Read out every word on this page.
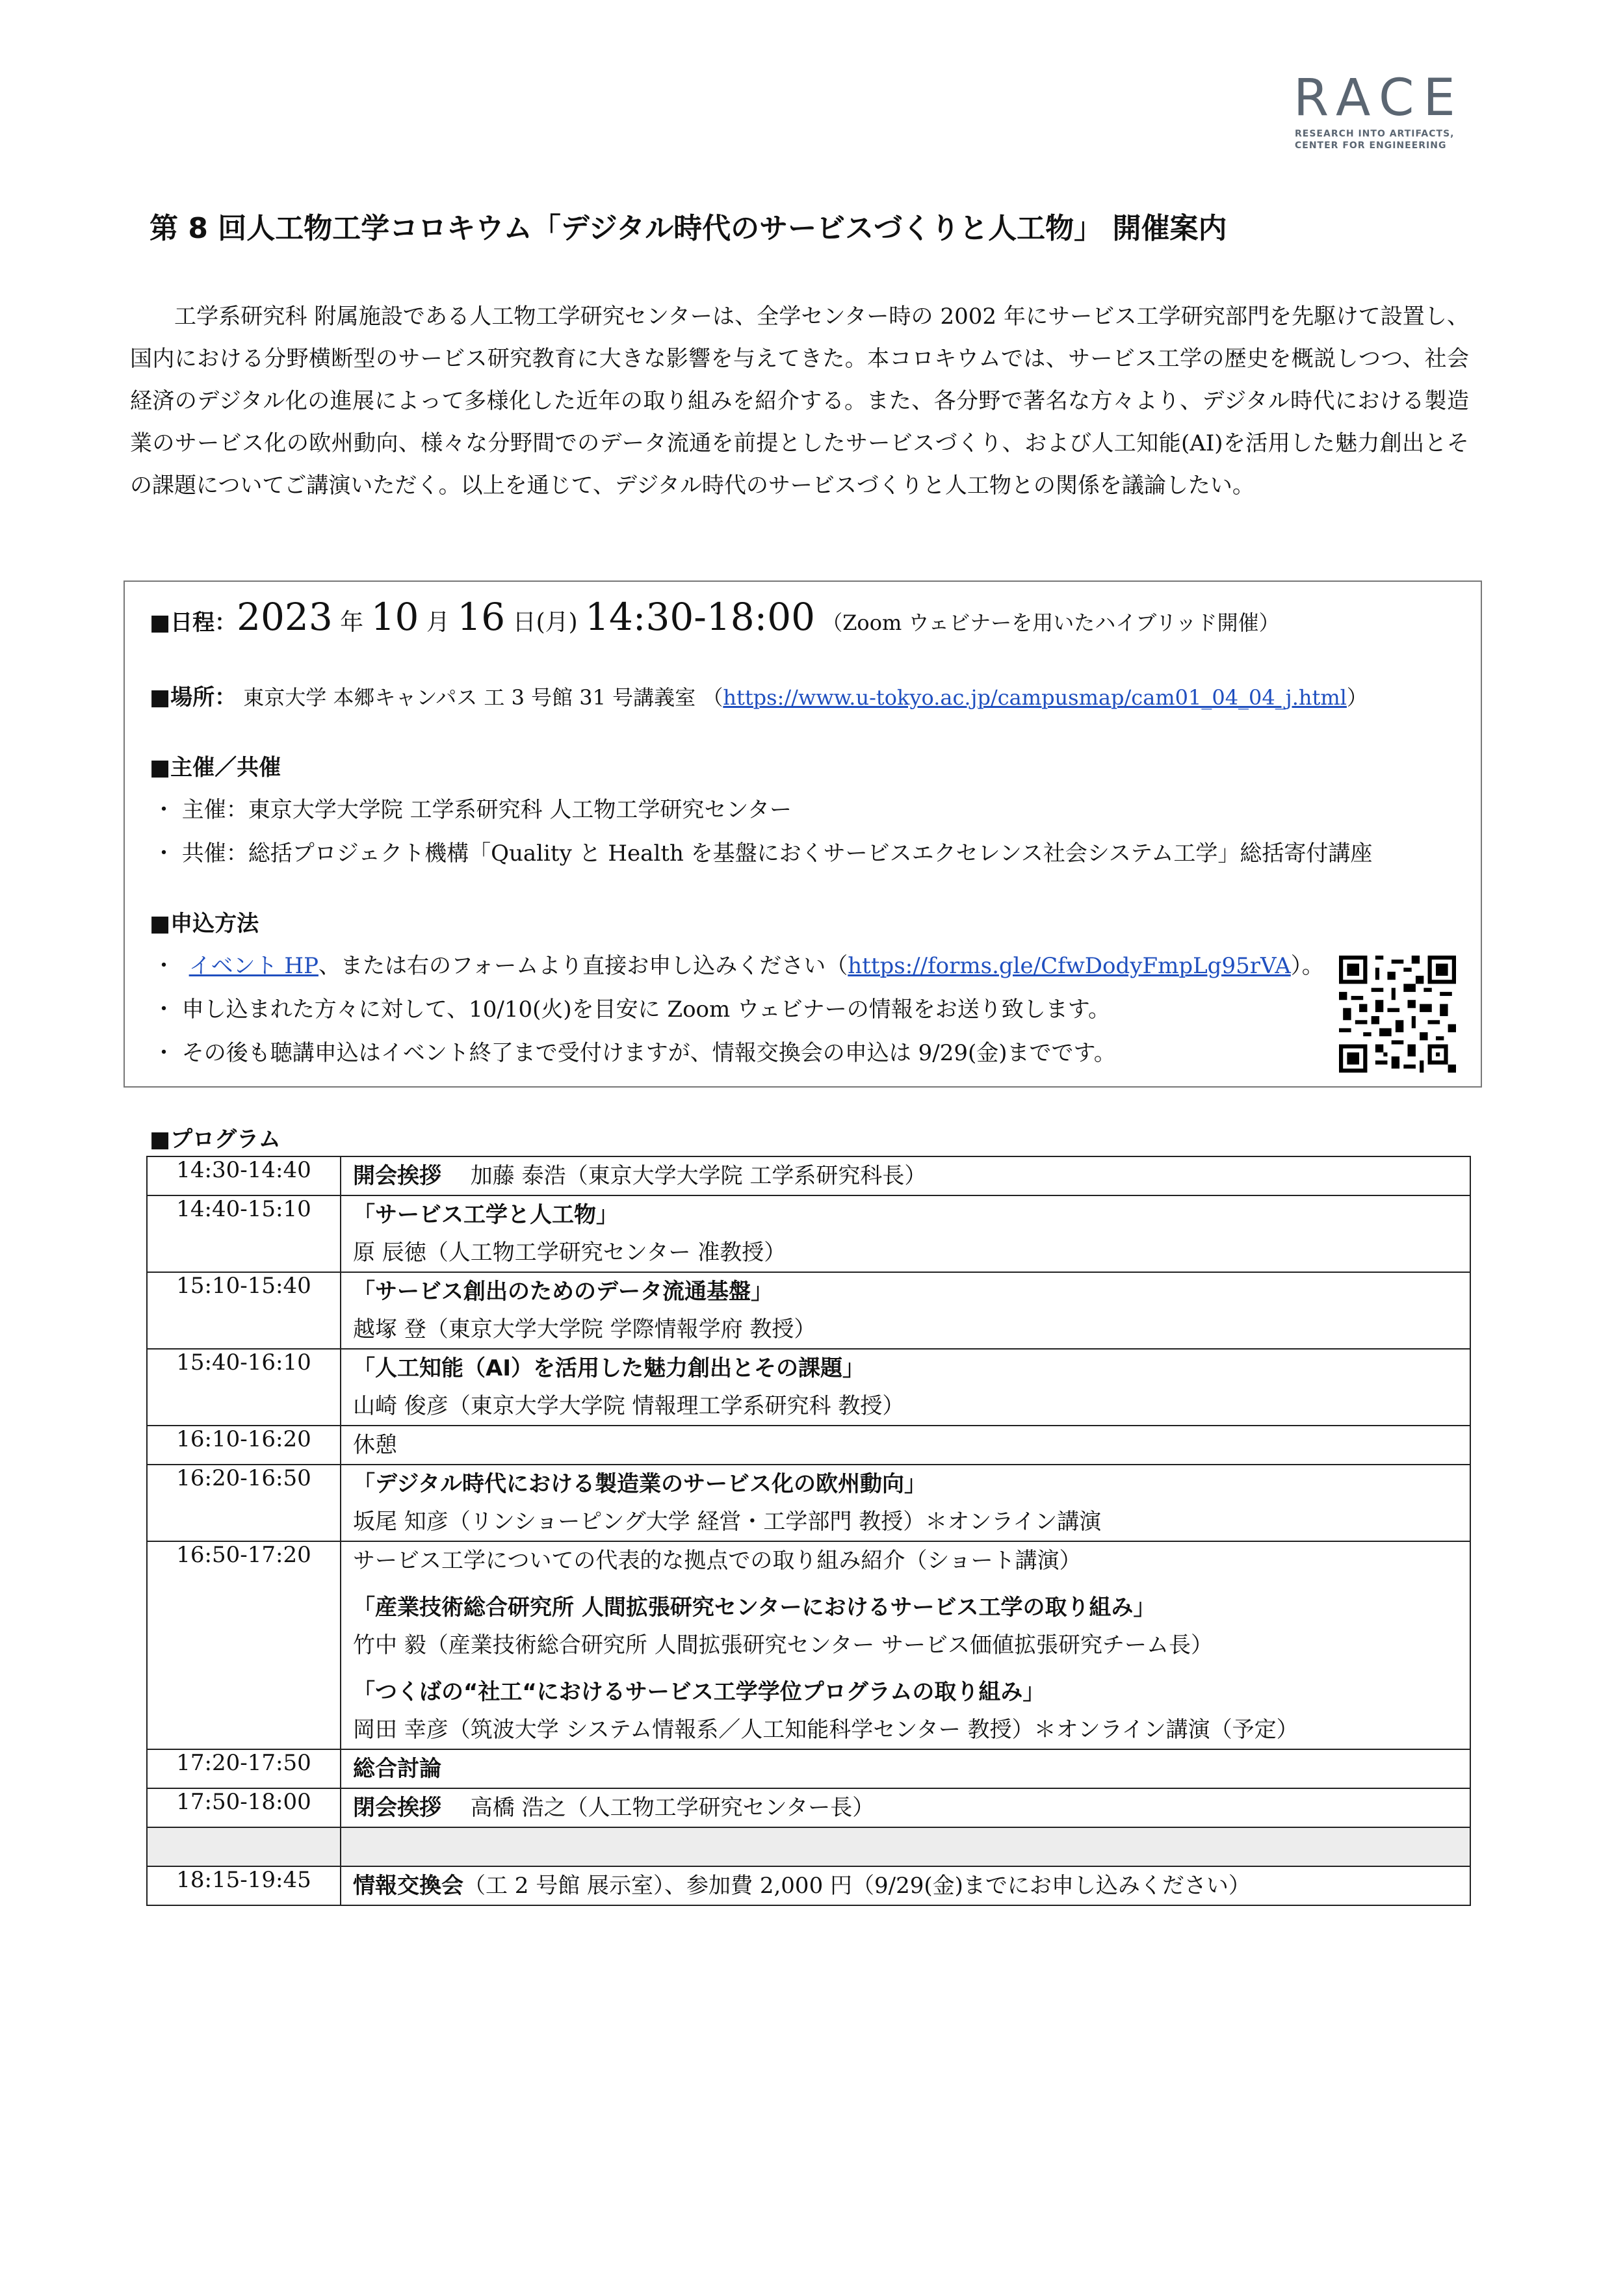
RACE
RESEARCH INTO ARTIFACTS,
CENTER FOR ENGINEERING
第 8 回人工物工学コロキウム「デジタル時代のサービスづくりと人工物」 開催案内
工学系研究科 附属施設である人工物工学研究センターは、全学センター時の 2002 年にサービス工学研究部門を先駆けて設置し、国内における分野横断型のサービス研究教育に大きな影響を与えてきた。本コロキウムでは、サービス工学の歴史を概説しつつ、社会経済のデジタル化の進展によって多様化した近年の取り組みを紹介する。また、各分野で著名な方々より、デジタル時代における製造業のサービス化の欧州動向、様々な分野間でのデータ流通を前提としたサービスづくり、および人工知能(AI)を活用した魅力創出とその課題についてご講演いただく。以上を通じて、デジタル時代のサービスづくりと人工物との関係を議論したい。
■日程：2023 年 10 月 16 日(月) 14:30-18:00 （Zoom ウェビナーを用いたハイブリッド開催）
■場所： 東京大学 本郷キャンパス 工 3 号館 31 号講義室 （https://www.u-tokyo.ac.jp/campusmap/cam01_04_04_j.html）
■主催／共催
・ 主催：東京大学大学院 工学系研究科 人工物工学研究センター
・ 共催：総括プロジェクト機構「Quality と Health を基盤におくサービスエクセレンス社会システム工学」総括寄付講座
■申込方法
・ イベント HP、または右のフォームより直接お申し込みください（https://forms.gle/CfwDodyFmpLg95rVA）。
・ 申し込まれた方々に対して、10/10(火)を目安に Zoom ウェビナーの情報をお送り致します。
・ その後も聴講申込はイベント終了まで受付けますが、情報交換会の申込は 9/29(金)までです。
■プログラム
14:30-14:40	開会挨拶　 加藤 泰浩（東京大学大学院 工学系研究科長）

14:40-15:10	「サービス工学と人工物」
原 辰徳（人工物工学研究センター 准教授）

15:10-15:40	「サービス創出のためのデータ流通基盤」
越塚 登（東京大学大学院 学際情報学府 教授）

15:40-16:10	「人工知能（AI）を活用した魅力創出とその課題」
山崎 俊彦（東京大学大学院 情報理工学系研究科 教授）

16:10-16:20	休憩

16:20-16:50	「デジタル時代における製造業のサービス化の欧州動向」
坂尾 知彦（リンショーピング大学 経営・工学部門 教授）＊オンライン講演

16:50-17:20	サービス工学についての代表的な拠点での取り組み紹介（ショート講演）
「産業技術総合研究所 人間拡張研究センターにおけるサービス工学の取り組み」
竹中 毅（産業技術総合研究所 人間拡張研究センター サービス価値拡張研究チーム長）
「つくばの“社工“におけるサービス工学学位プログラムの取り組み」
岡田 幸彦（筑波大学 システム情報系／人工知能科学センター 教授）＊オンライン講演（予定）

17:20-17:50	総合討論

17:50-18:00	閉会挨拶　 高橋 浩之（人工物工学研究センター長）

18:15-19:45	情報交換会（工 2 号館 展示室）、参加費 2,000 円（9/29(金)までにお申し込みください）
